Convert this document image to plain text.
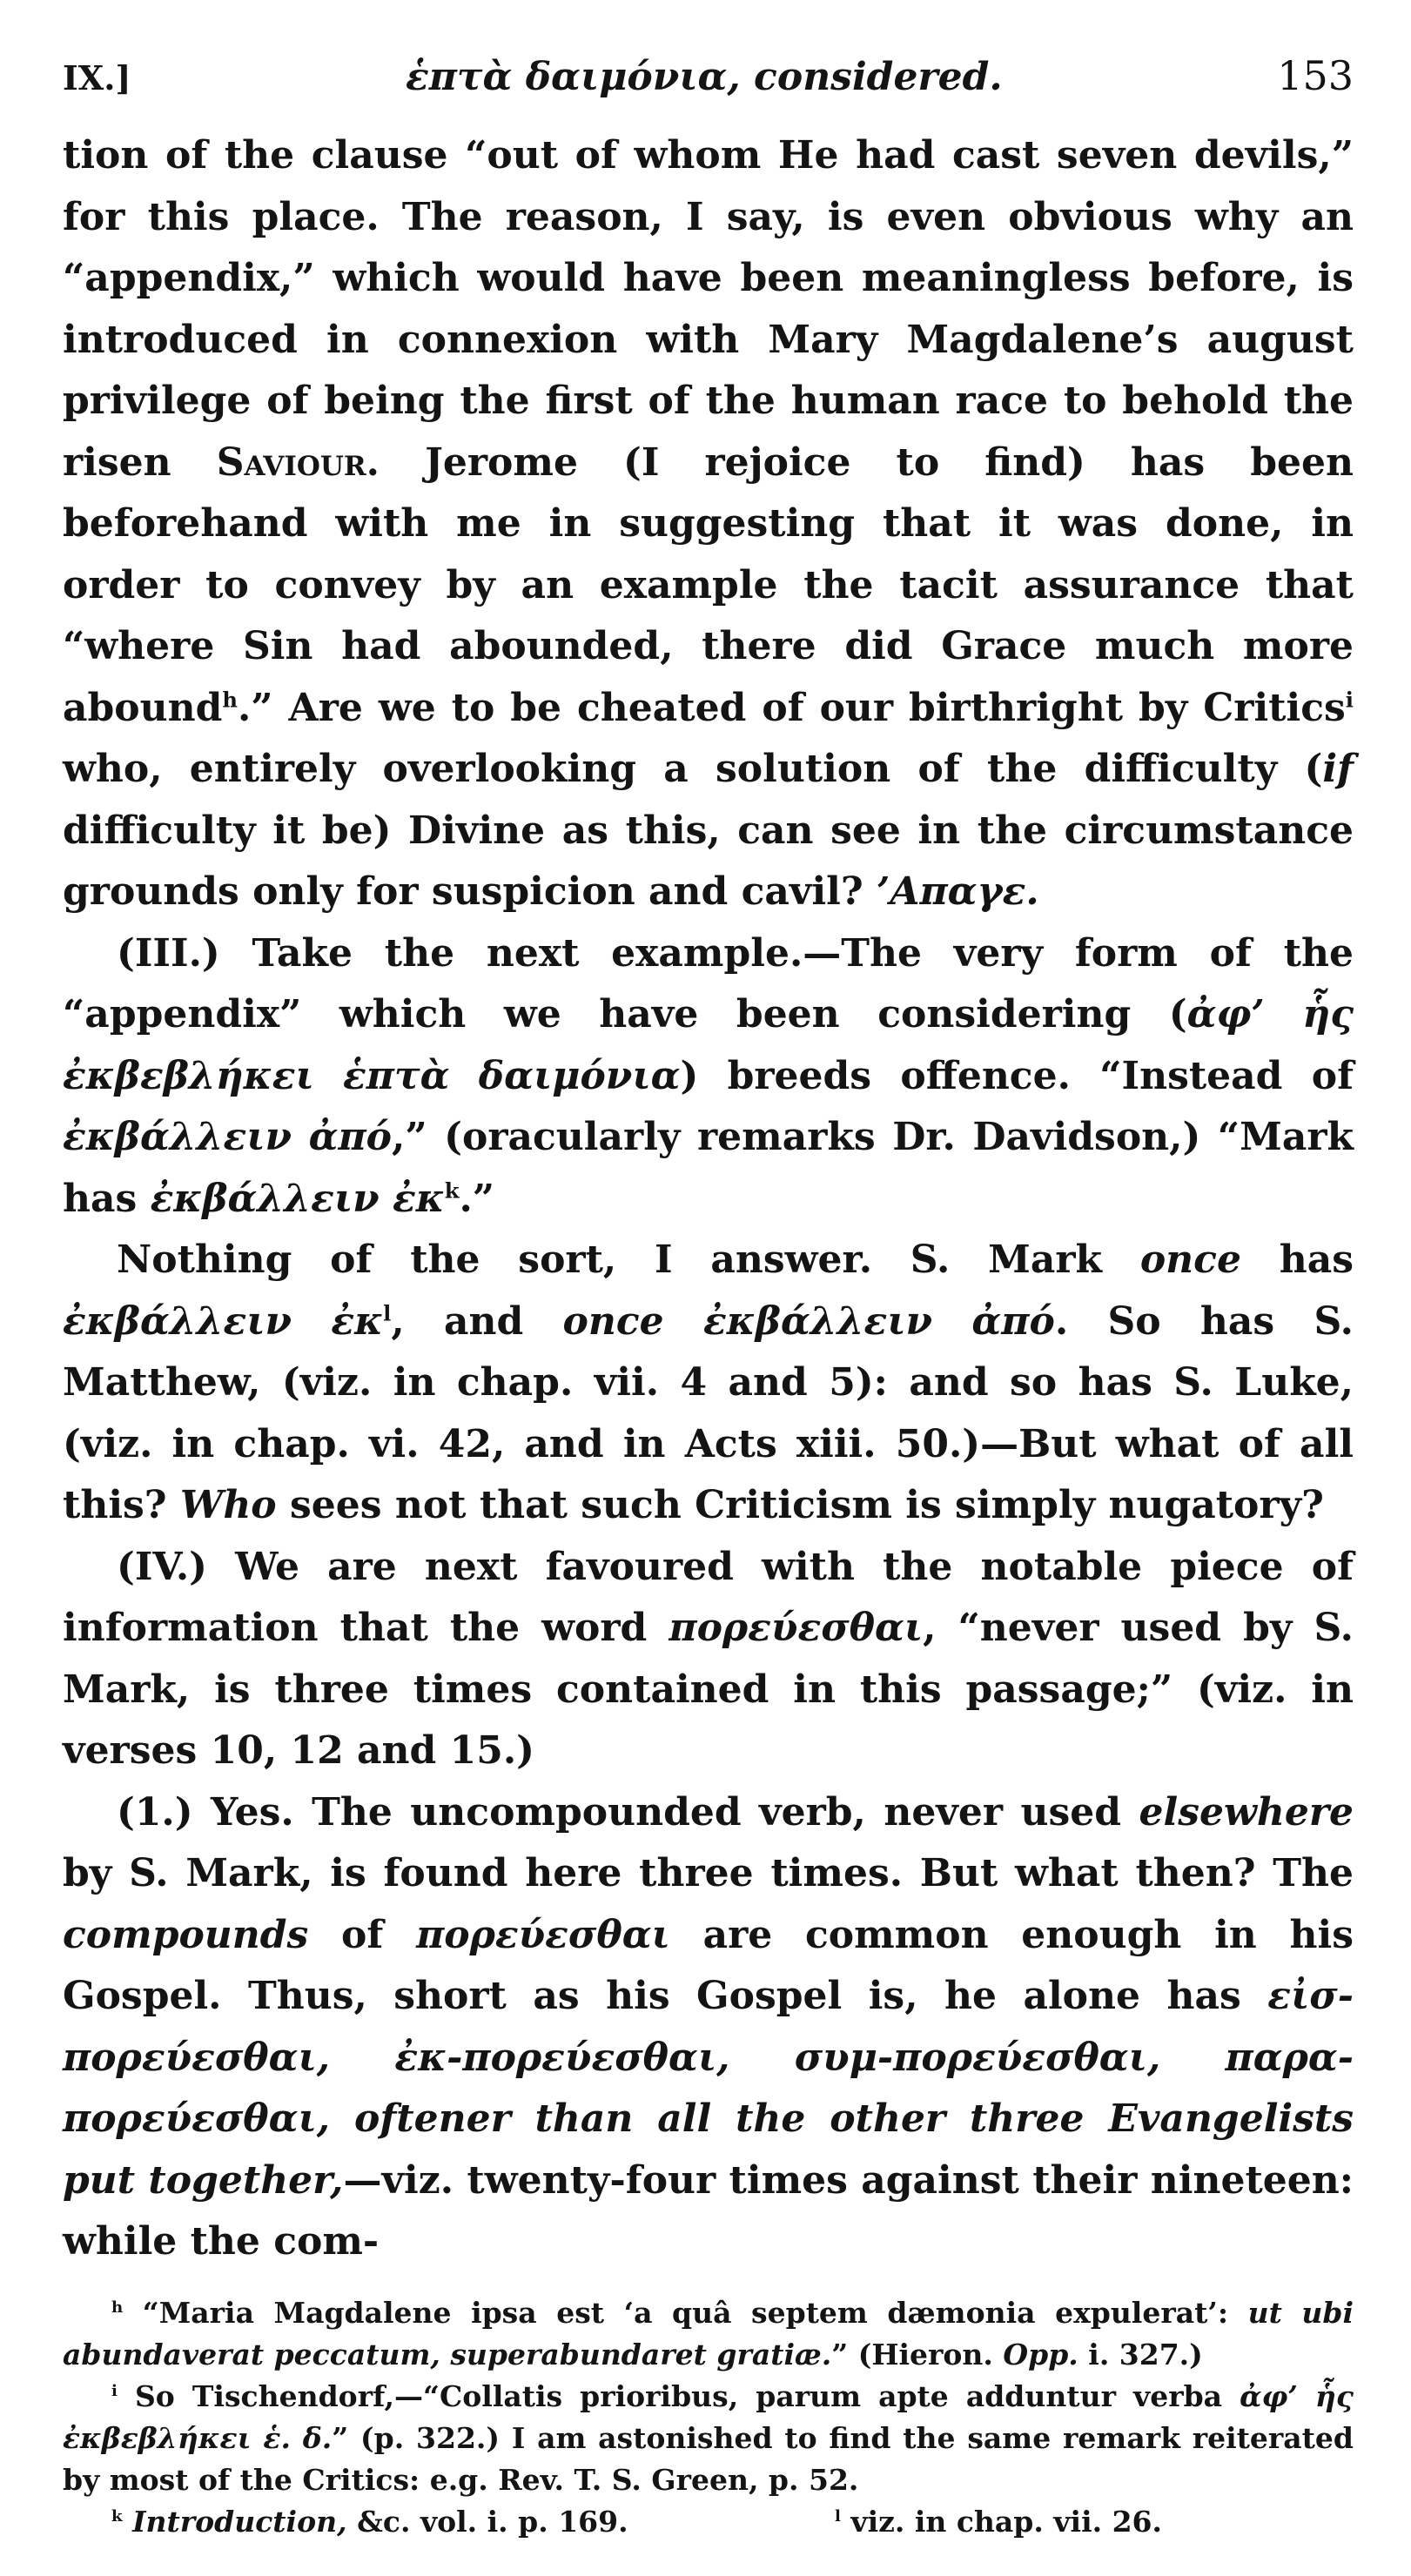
IX.]	ἑπτὰ δαιμόνια, considered.	153

tion of the clause “out of whom He had cast seven devils,” for this place. The reason, I say, is even obvious why an “appendix,” which would have been meaningless before, is introduced in connexion with Mary Magdalene’s august privilege of being the first of the human race to behold the risen Saviour. Jerome (I rejoice to find) has been beforehand with me in suggesting that it was done, in order to convey by an example the tacit assurance that “where Sin had abounded, there did Grace much more abound$^h$.” Are we to be cheated of our birthright by Critics$^i$ who, entirely overlooking a solution of the difficulty (if difficulty it be) Divine as this, can see in the circumstance grounds only for suspicion and cavil? ’Απαγε.

(III.) Take the next example.—The very form of the “appendix” which we have been considering (ἀφ’ ἧς ἐκβεβλήκει ἑπτὰ δαιμόνια) breeds offence. “Instead of ἐκβάλλειν ἀπό,” (oracularly remarks Dr. Davidson,) “Mark has ἐκβάλλειν ἐκ$^k$.”

Nothing of the sort, I answer. S. Mark once has ἐκβάλλειν ἐκ$^l$, and once ἐκβάλλειν ἀπό. So has S. Matthew, (viz. in chap. vii. 4 and 5): and so has S. Luke, (viz. in chap. vi. 42, and in Acts xiii. 50.)—But what of all this? Who sees not that such Criticism is simply nugatory?

(IV.) We are next favoured with the notable piece of information that the word πορεύεσθαι, “never used by S. Mark, is three times contained in this passage;” (viz. in verses 10, 12 and 15.)

(1.) Yes. The uncompounded verb, never used elsewhere by S. Mark, is found here three times. But what then? The compounds of πορεύεσθαι are common enough in his Gospel. Thus, short as his Gospel is, he alone has εἰσ-πορεύεσθαι, ἐκ-πορεύεσθαι, συμ-πορεύεσθαι, παρα-πορεύεσθαι, oftener than all the other three Evangelists put together,—viz. twenty-four times against their nineteen: while the com-

$^h$ “Maria Magdalene ipsa est ‘a quâ septem dæmonia expulerat’: ut ubi abundaverat peccatum, superabundaret gratiæ.” (Hieron. Opp. i. 327.)

$^i$ So Tischendorf,—“Collatis prioribus, parum apte adduntur verba ἀφ’ ἧς ἐκβεβλήκει ἑ. δ.” (p. 322.) I am astonished to find the same remark reiterated by most of the Critics: e.g. Rev. T. S. Green, p. 52.

$^k$ Introduction, &c. vol. i. p. 169.	$^l$ viz. in chap. vii. 26.
